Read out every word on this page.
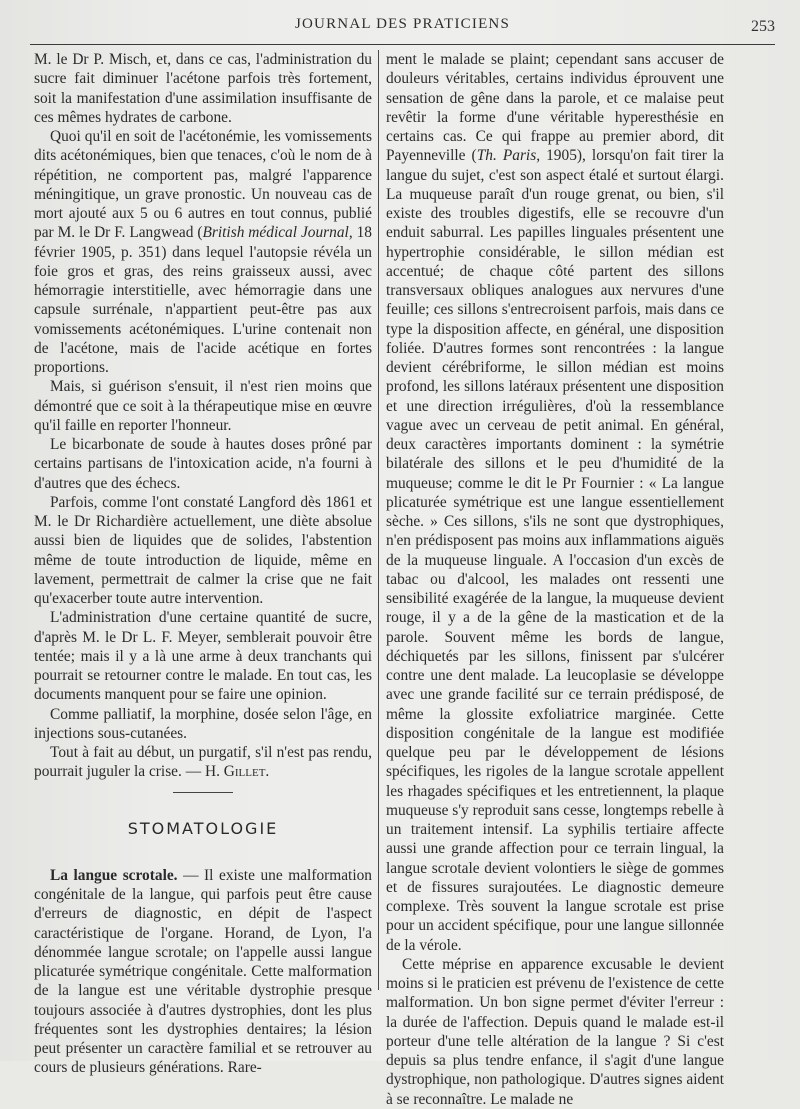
JOURNAL DES PRATICIENS	253

M. le Dr P. Misch, et, dans ce cas, l'administration du sucre fait diminuer l'acétone parfois très fortement, soit la manifestation d'une assimilation insuffisante de ces mêmes hydrates de carbone.

Quoi qu'il en soit de l'acétonémie, les vomissements dits acétonémiques, bien que tenaces, c'où le nom de à répétition, ne comportent pas, malgré l'apparence méningitique, un grave pronostic. Un nouveau cas de mort ajouté aux 5 ou 6 autres en tout connus, publié par M. le Dr F. Langwead (British médical Journal, 18 février 1905, p. 351) dans lequel l'autopsie révéla un foie gros et gras, des reins graisseux aussi, avec hémorragie interstitielle, avec hémorragie dans une capsule surrénale, n'appartient peut-être pas aux vomissements acétonémiques. L'urine contenait non de l'acétone, mais de l'acide acétique en fortes proportions.

Mais, si guérison s'ensuit, il n'est rien moins que démontré que ce soit à la thérapeutique mise en œuvre qu'il faille en reporter l'honneur.

Le bicarbonate de soude à hautes doses prôné par certains partisans de l'intoxication acide, n'a fourni à d'autres que des échecs.

Parfois, comme l'ont constaté Langford dès 1861 et M. le Dr Richardière actuellement, une diète absolue aussi bien de liquides que de solides, l'abstention même de toute introduction de liquide, même en lavement, permettrait de calmer la crise que ne fait qu'exacerber toute autre intervention.

L'administration d'une certaine quantité de sucre, d'après M. le Dr L. F. Meyer, semblerait pouvoir être tentée; mais il y a là une arme à deux tranchants qui pourrait se retourner contre le malade. En tout cas, les documents manquent pour se faire une opinion.

Comme palliatif, la morphine, dosée selon l'âge, en injections sous-cutanées.

Tout à fait au début, un purgatif, s'il n'est pas rendu, pourrait juguler la crise. — H. Gillet.

STOMATOLOGIE

La langue scrotale. — Il existe une malformation congénitale de la langue, qui parfois peut être cause d'erreurs de diagnostic, en dépit de l'aspect caractéristique de l'organe. Horand, de Lyon, l'a dénommée langue scrotale; on l'appelle aussi langue plicaturée symétrique congénitale. Cette malformation de la langue est une véritable dystrophie presque toujours associée à d'autres dystrophies, dont les plus fréquentes sont les dystrophies dentaires; la lésion peut présenter un caractère familial et se retrouver au cours de plusieurs générations. Rare-

ment le malade se plaint; cependant sans accuser de douleurs véritables, certains individus éprouvent une sensation de gêne dans la parole, et ce malaise peut revêtir la forme d'une véritable hyperesthésie en certains cas. Ce qui frappe au premier abord, dit Payenneville (Th. Paris, 1905), lorsqu'on fait tirer la langue du sujet, c'est son aspect étalé et surtout élargi. La muqueuse paraît d'un rouge grenat, ou bien, s'il existe des troubles digestifs, elle se recouvre d'un enduit saburral. Les papilles linguales présentent une hypertrophie considérable, le sillon médian est accentué; de chaque côté partent des sillons transversaux obliques analogues aux nervures d'une feuille; ces sillons s'entrecroisent parfois, mais dans ce type la disposition affecte, en général, une disposition foliée. D'autres formes sont rencontrées : la langue devient cérébriforme, le sillon médian est moins profond, les sillons latéraux présentent une disposition et une direction irrégulières, d'où la ressemblance vague avec un cerveau de petit animal. En général, deux caractères importants dominent : la symétrie bilatérale des sillons et le peu d'humidité de la muqueuse; comme le dit le Pr Fournier : « La langue plicaturée symétrique est une langue essentiellement sèche. » Ces sillons, s'ils ne sont que dystrophiques, n'en prédisposent pas moins aux inflammations aiguës de la muqueuse linguale. A l'occasion d'un excès de tabac ou d'alcool, les malades ont ressenti une sensibilité exagérée de la langue, la muqueuse devient rouge, il y a de la gêne de la mastication et de la parole. Souvent même les bords de langue, déchiquetés par les sillons, finissent par s'ulcérer contre une dent malade. La leucoplasie se développe avec une grande facilité sur ce terrain prédisposé, de même la glossite exfoliatrice marginée. Cette disposition congénitale de la langue est modifiée quelque peu par le développement de lésions spécifiques, les rigoles de la langue scrotale appellent les rhagades spécifiques et les entretiennent, la plaque muqueuse s'y reproduit sans cesse, longtemps rebelle à un traitement intensif. La syphilis tertiaire affecte aussi une grande affection pour ce terrain lingual, la langue scrotale devient volontiers le siège de gommes et de fissures surajoutées. Le diagnostic demeure complexe. Très souvent la langue scrotale est prise pour un accident spécifique, pour une langue sillonnée de la vérole.

Cette méprise en apparence excusable le devient moins si le praticien est prévenu de l'existence de cette malformation. Un bon signe permet d'éviter l'erreur : la durée de l'affection. Depuis quand le malade est-il porteur d'une telle altération de la langue ? Si c'est depuis sa plus tendre enfance, il s'agit d'une langue dystrophique, non pathologique. D'autres signes aident à se reconnaître. Le malade ne
